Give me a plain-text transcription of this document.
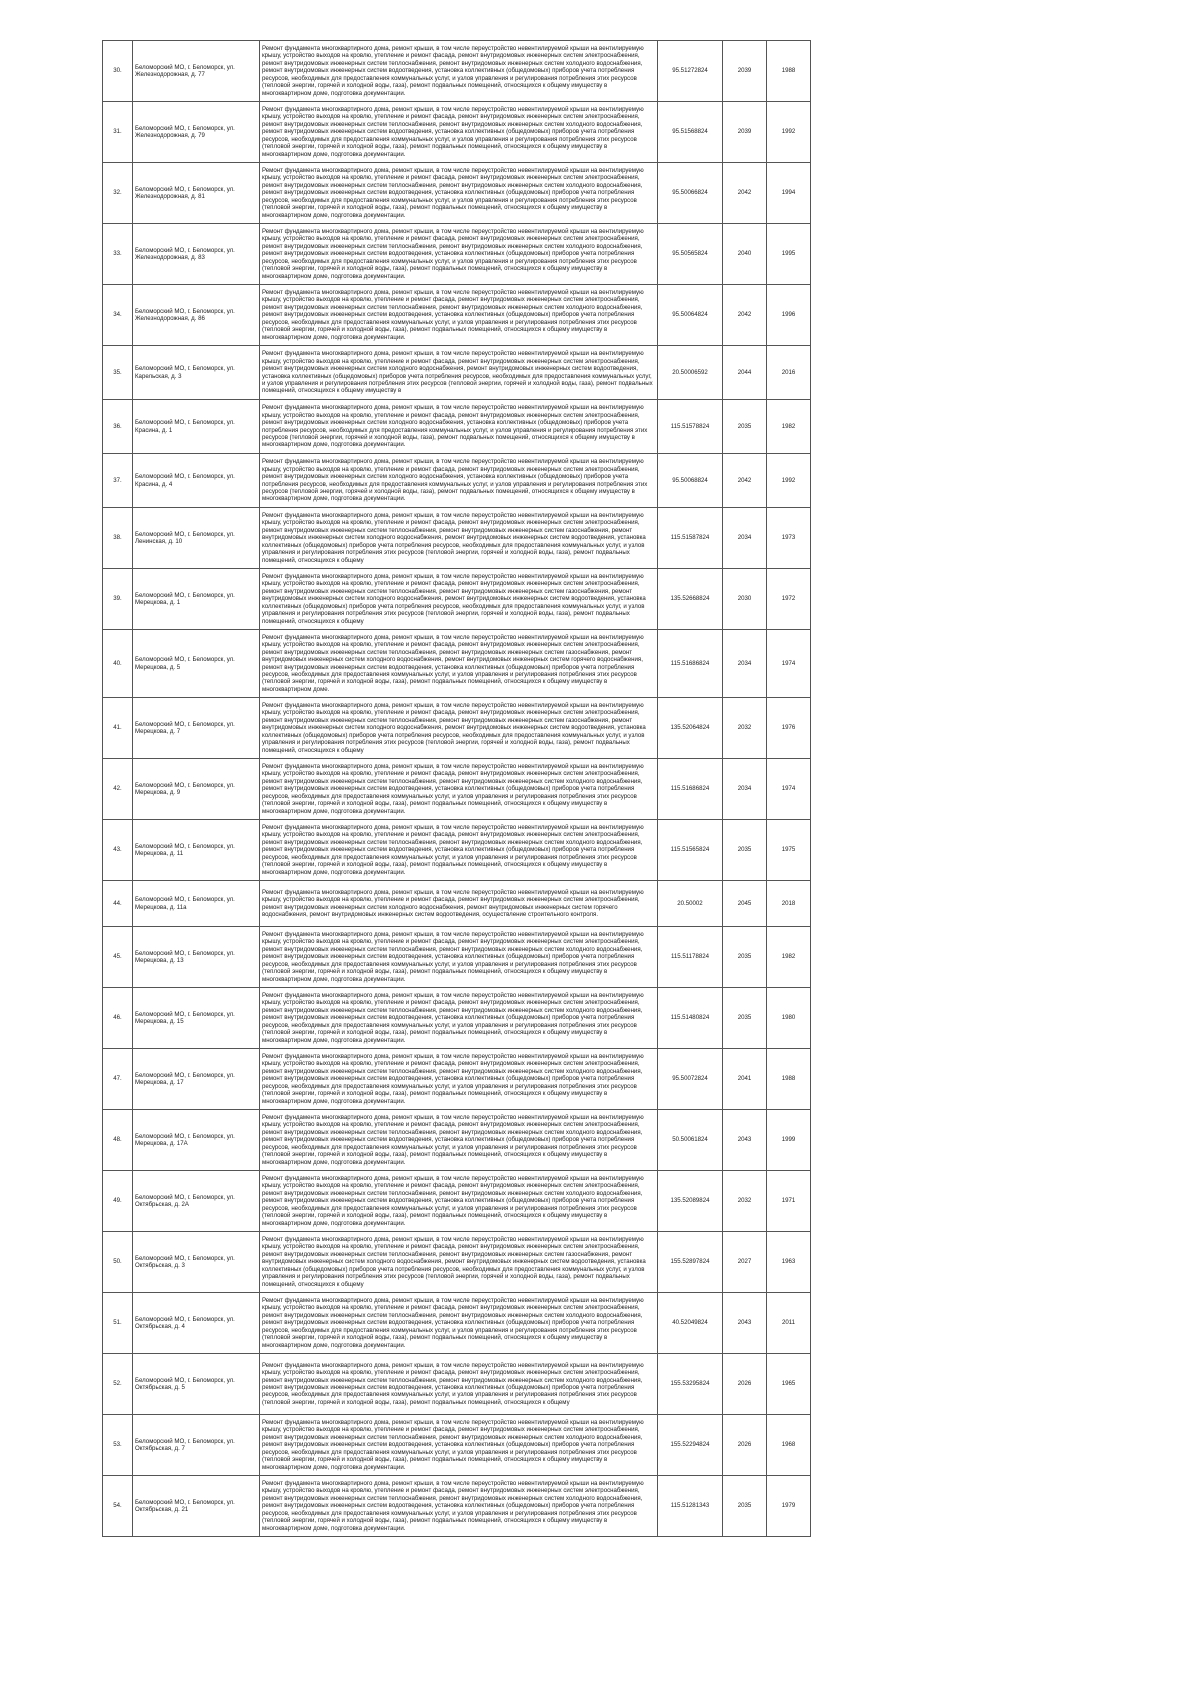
30.	Беломорский МО, г. Беломорск, ул. Железнодорожная, д. 77	Ремонт фундамента многоквартирного дома, ремонт крыши, в том числе переустройство невентилируемой крыши на вентилируемую крышу, устройство выходов на кровлю, утепление и ремонт фасада, ремонт внутридомовых инженерных систем электроснабжения, ремонт внутридомовых инженерных систем теплоснабжения, ремонт внутридомовых инженерных систем холодного водоснабжения, ремонт внутридомовых инженерных систем водоотведения, установка коллективных (общедомовых) приборов учета потребления ресурсов, необходимых для предоставления коммунальных услуг, и узлов управления и регулирования потребления этих ресурсов (тепловой энергии, горячей и холодной воды, газа), ремонт подвальных помещений, относящихся к общему имуществу в многоквартирном доме, подготовка документации.	95.51272824	2039	1988
31.	Беломорский МО, г. Беломорск, ул. Железнодорожная, д. 79	Ремонт фундамента многоквартирного дома, ремонт крыши, в том числе переустройство невентилируемой крыши на вентилируемую крышу, устройство выходов на кровлю, утепление и ремонт фасада, ремонт внутридомовых инженерных систем электроснабжения, ремонт внутридомовых инженерных систем теплоснабжения, ремонт внутридомовых инженерных систем холодного водоснабжения, ремонт внутридомовых инженерных систем водоотведения, установка коллективных (общедомовых) приборов учета потребления ресурсов, необходимых для предоставления коммунальных услуг, и узлов управления и регулирования потребления этих ресурсов (тепловой энергии, горячей и холодной воды, газа), ремонт подвальных помещений, относящихся к общему имуществу в многоквартирном доме, подготовка документации.	95.51568824	2039	1992
32.	Беломорский МО, г. Беломорск, ул. Железнодорожная, д. 81	Ремонт фундамента многоквартирного дома, ремонт крыши, в том числе переустройство невентилируемой крыши на вентилируемую крышу, устройство выходов на кровлю, утепление и ремонт фасада, ремонт внутридомовых инженерных систем электроснабжения, ремонт внутридомовых инженерных систем теплоснабжения, ремонт внутридомовых инженерных систем холодного водоснабжения, ремонт внутридомовых инженерных систем водоотведения, установка коллективных (общедомовых) приборов учета потребления ресурсов, необходимых для предоставления коммунальных услуг, и узлов управления и регулирования потребления этих ресурсов (тепловой энергии, горячей и холодной воды, газа), ремонт подвальных помещений, относящихся к общему имуществу в многоквартирном доме, подготовка документации.	95.50066824	2042	1994
33.	Беломорский МО, г. Беломорск, ул. Железнодорожная, д. 83	Ремонт фундамента многоквартирного дома, ремонт крыши, в том числе переустройство невентилируемой крыши на вентилируемую крышу, устройство выходов на кровлю, утепление и ремонт фасада, ремонт внутридомовых инженерных систем электроснабжения, ремонт внутридомовых инженерных систем теплоснабжения, ремонт внутридомовых инженерных систем холодного водоснабжения, ремонт внутридомовых инженерных систем водоотведения, установка коллективных (общедомовых) приборов учета потребления ресурсов, необходимых для предоставления коммунальных услуг, и узлов управления и регулирования потребления этих ресурсов (тепловой энергии, горячей и холодной воды, газа), ремонт подвальных помещений, относящихся к общему имуществу в многоквартирном доме, подготовка документации.	95.50565824	2040	1995
34.	Беломорский МО, г. Беломорск, ул. Железнодорожная, д. 86	Ремонт фундамента многоквартирного дома, ремонт крыши, в том числе переустройство невентилируемой крыши на вентилируемую крышу, устройство выходов на кровлю, утепление и ремонт фасада, ремонт внутридомовых инженерных систем электроснабжения, ремонт внутридомовых инженерных систем теплоснабжения, ремонт внутридомовых инженерных систем холодного водоснабжения, ремонт внутридомовых инженерных систем водоотведения, установка коллективных (общедомовых) приборов учета потребления ресурсов, необходимых для предоставления коммунальных услуг, и узлов управления и регулирования потребления этих ресурсов (тепловой энергии, горячей и холодной воды, газа), ремонт подвальных помещений, относящихся к общему имуществу в многоквартирном доме, подготовка документации.	95.50064824	2042	1996
35.	Беломорский МО, г. Беломорск, ул. Карельская, д. 3	Ремонт фундамента многоквартирного дома, ремонт крыши, в том числе переустройство невентилируемой крыши на вентилируемую крышу, устройство выходов на кровлю, утепление и ремонт фасада, ремонт внутридомовых инженерных систем электроснабжения, ремонт внутридомовых инженерных систем холодного водоснабжения, ремонт внутридомовых инженерных систем водоотведения, установка коллективных (общедомовых) приборов учета потребления ресурсов, необходимых для предоставления коммунальных услуг, и узлов управления и регулирования потребления этих ресурсов (тепловой энергии, горячей и холодной воды, газа), ремонт подвальных помещений, относящихся к общему имуществу в	20.50006592	2044	2016
36.	Беломорский МО, г. Беломорск, ул. Красина, д. 1	Ремонт фундамента многоквартирного дома, ремонт крыши, в том числе переустройство невентилируемой крыши на вентилируемую крышу, устройство выходов на кровлю, утепление и ремонт фасада, ремонт внутридомовых инженерных систем электроснабжения, ремонт внутридомовых инженерных систем холодного водоснабжения, установка коллективных (общедомовых) приборов учета потребления ресурсов, необходимых для предоставления коммунальных услуг, и узлов управления и регулирования потребления этих ресурсов (тепловой энергии, горячей и холодной воды, газа), ремонт подвальных помещений, относящихся к общему имуществу в многоквартирном доме, подготовка документации.	115.51578824	2035	1982
37.	Беломорский МО, г. Беломорск, ул. Красина, д. 4	Ремонт фундамента многоквартирного дома, ремонт крыши, в том числе переустройство невентилируемой крыши на вентилируемую крышу, устройство выходов на кровлю, утепление и ремонт фасада, ремонт внутридомовых инженерных систем электроснабжения, ремонт внутридомовых инженерных систем холодного водоснабжения, установка коллективных (общедомовых) приборов учета потребления ресурсов, необходимых для предоставления коммунальных услуг, и узлов управления и регулирования потребления этих ресурсов (тепловой энергии, горячей и холодной воды, газа), ремонт подвальных помещений, относящихся к общему имуществу в многоквартирном доме, подготовка документации.	95.50068824	2042	1992
38.	Беломорский МО, г. Беломорск, ул. Ленинская, д. 10	Ремонт фундамента многоквартирного дома, ремонт крыши, в том числе переустройство невентилируемой крыши на вентилируемую крышу, устройство выходов на кровлю, утепление и ремонт фасада, ремонт внутридомовых инженерных систем электроснабжения, ремонт внутридомовых инженерных систем теплоснабжения, ремонт внутридомовых инженерных систем газоснабжения, ремонт внутридомовых инженерных систем холодного водоснабжения, ремонт внутридомовых инженерных систем водоотведения, установка коллективных (общедомовых) приборов учета потребления ресурсов, необходимых для предоставления коммунальных услуг, и узлов управления и регулирования потребления этих ресурсов (тепловой энергии, горячей и холодной воды, газа), ремонт подвальных помещений, относящихся к общему	115.51587824	2034	1973
39.	Беломорский МО, г. Беломорск, ул. Мерецкова, д. 1	Ремонт фундамента многоквартирного дома, ремонт крыши, в том числе переустройство невентилируемой крыши на вентилируемую крышу, устройство выходов на кровлю, утепление и ремонт фасада, ремонт внутридомовых инженерных систем электроснабжения, ремонт внутридомовых инженерных систем теплоснабжения, ремонт внутридомовых инженерных систем газоснабжения, ремонт внутридомовых инженерных систем холодного водоснабжения, ремонт внутридомовых инженерных систем водоотведения, установка коллективных (общедомовых) приборов учета потребления ресурсов, необходимых для предоставления коммунальных услуг, и узлов управления и регулирования потребления этих ресурсов (тепловой энергии, горячей и холодной воды, газа), ремонт подвальных помещений, относящихся к общему	135.52668824	2030	1972
40.	Беломорский МО, г. Беломорск, ул. Мерецкова, д. 5	Ремонт фундамента многоквартирного дома, ремонт крыши, в том числе переустройство невентилируемой крыши на вентилируемую крышу, устройство выходов на кровлю, утепление и ремонт фасада, ремонт внутридомовых инженерных систем электроснабжения, ремонт внутридомовых инженерных систем теплоснабжения, ремонт внутридомовых инженерных систем газоснабжения, ремонт внутридомовых инженерных систем холодного водоснабжения, ремонт внутридомовых инженерных систем горячего водоснабжения, ремонт внутридомовых инженерных систем водоотведения, установка коллективных (общедомовых) приборов учета потребления ресурсов, необходимых для предоставления коммунальных услуг, и узлов управления и регулирования потребления этих ресурсов (тепловой энергии, горячей и холодной воды, газа), ремонт подвальных помещений, относящихся к общему имуществу в многоквартирном доме.	115.51686824	2034	1974
41.	Беломорский МО, г. Беломорск, ул. Мерецкова, д. 7	Ремонт фундамента многоквартирного дома, ремонт крыши, в том числе переустройство невентилируемой крыши на вентилируемую крышу, устройство выходов на кровлю, утепление и ремонт фасада, ремонт внутридомовых инженерных систем электроснабжения, ремонт внутридомовых инженерных систем теплоснабжения, ремонт внутридомовых инженерных систем газоснабжения, ремонт внутридомовых инженерных систем холодного водоснабжения, ремонт внутридомовых инженерных систем водоотведения, установка коллективных (общедомовых) приборов учета потребления ресурсов, необходимых для предоставления коммунальных услуг, и узлов управления и регулирования потребления этих ресурсов (тепловой энергии, горячей и холодной воды, газа), ремонт подвальных помещений, относящихся к общему	135.52064824	2032	1976
42.	Беломорский МО, г. Беломорск, ул. Мерецкова, д. 9	Ремонт фундамента многоквартирного дома, ремонт крыши, в том числе переустройство невентилируемой крыши на вентилируемую крышу, устройство выходов на кровлю, утепление и ремонт фасада, ремонт внутридомовых инженерных систем электроснабжения, ремонт внутридомовых инженерных систем теплоснабжения, ремонт внутридомовых инженерных систем холодного водоснабжения, ремонт внутридомовых инженерных систем водоотведения, установка коллективных (общедомовых) приборов учета потребления ресурсов, необходимых для предоставления коммунальных услуг, и узлов управления и регулирования потребления этих ресурсов (тепловой энергии, горячей и холодной воды, газа), ремонт подвальных помещений, относящихся к общему имуществу в многоквартирном доме, подготовка документации.	115.51686824	2034	1974
43.	Беломорский МО, г. Беломорск, ул. Мерецкова, д. 11	Ремонт фундамента многоквартирного дома, ремонт крыши, в том числе переустройство невентилируемой крыши на вентилируемую крышу, устройство выходов на кровлю, утепление и ремонт фасада, ремонт внутридомовых инженерных систем электроснабжения, ремонт внутридомовых инженерных систем теплоснабжения, ремонт внутридомовых инженерных систем холодного водоснабжения, ремонт внутридомовых инженерных систем водоотведения, установка коллективных (общедомовых) приборов учета потребления ресурсов, необходимых для предоставления коммунальных услуг, и узлов управления и регулирования потребления этих ресурсов (тепловой энергии, горячей и холодной воды, газа), ремонт подвальных помещений, относящихся к общему имуществу в многоквартирном доме, подготовка документации.	115.51565824	2035	1975
44.	Беломорский МО, г. Беломорск, ул. Мерецкова, д. 11а	Ремонт фундамента многоквартирного дома, ремонт крыши, в том числе переустройство невентилируемой крыши на вентилируемую крышу, устройство выходов на кровлю, утепление и ремонт фасада, ремонт внутридомовых инженерных систем электроснабжения, ремонт внутридомовых инженерных систем холодного водоснабжения, ремонт внутридомовых инженерных систем горячего водоснабжения, ремонт внутридомовых инженерных систем водоотведения, осуществление строительного контроля.	20.50002	2045	2018
45.	Беломорский МО, г. Беломорск, ул. Мерецкова, д. 13	Ремонт фундамента многоквартирного дома, ремонт крыши, в том числе переустройство невентилируемой крыши на вентилируемую крышу, устройство выходов на кровлю, утепление и ремонт фасада, ремонт внутридомовых инженерных систем электроснабжения, ремонт внутридомовых инженерных систем теплоснабжения, ремонт внутридомовых инженерных систем холодного водоснабжения, ремонт внутридомовых инженерных систем водоотведения, установка коллективных (общедомовых) приборов учета потребления ресурсов, необходимых для предоставления коммунальных услуг, и узлов управления и регулирования потребления этих ресурсов (тепловой энергии, горячей и холодной воды, газа), ремонт подвальных помещений, относящихся к общему имуществу в многоквартирном доме, подготовка документации.	115.51178824	2035	1982
46.	Беломорский МО, г. Беломорск, ул. Мерецкова, д. 15	Ремонт фундамента многоквартирного дома, ремонт крыши, в том числе переустройство невентилируемой крыши на вентилируемую крышу, устройство выходов на кровлю, утепление и ремонт фасада, ремонт внутридомовых инженерных систем электроснабжения, ремонт внутридомовых инженерных систем теплоснабжения, ремонт внутридомовых инженерных систем холодного водоснабжения, ремонт внутридомовых инженерных систем водоотведения, установка коллективных (общедомовых) приборов учета потребления ресурсов, необходимых для предоставления коммунальных услуг, и узлов управления и регулирования потребления этих ресурсов (тепловой энергии, горячей и холодной воды, газа), ремонт подвальных помещений, относящихся к общему имуществу в многоквартирном доме, подготовка документации.	115.51480824	2035	1980
47.	Беломорский МО, г. Беломорск, ул. Мерецкова, д. 17	Ремонт фундамента многоквартирного дома, ремонт крыши, в том числе переустройство невентилируемой крыши на вентилируемую крышу, устройство выходов на кровлю, утепление и ремонт фасада, ремонт внутридомовых инженерных систем электроснабжения, ремонт внутридомовых инженерных систем теплоснабжения, ремонт внутридомовых инженерных систем холодного водоснабжения, ремонт внутридомовых инженерных систем водоотведения, установка коллективных (общедомовых) приборов учета потребления ресурсов, необходимых для предоставления коммунальных услуг, и узлов управления и регулирования потребления этих ресурсов (тепловой энергии, горячей и холодной воды, газа), ремонт подвальных помещений, относящихся к общему имуществу в многоквартирном доме, подготовка документации.	95.50072824	2041	1988
48.	Беломорский МО, г. Беломорск, ул. Мерецкова, д. 17А	Ремонт фундамента многоквартирного дома, ремонт крыши, в том числе переустройство невентилируемой крыши на вентилируемую крышу, устройство выходов на кровлю, утепление и ремонт фасада, ремонт внутридомовых инженерных систем электроснабжения, ремонт внутридомовых инженерных систем теплоснабжения, ремонт внутридомовых инженерных систем холодного водоснабжения, ремонт внутридомовых инженерных систем водоотведения, установка коллективных (общедомовых) приборов учета потребления ресурсов, необходимых для предоставления коммунальных услуг, и узлов управления и регулирования потребления этих ресурсов (тепловой энергии, горячей и холодной воды, газа), ремонт подвальных помещений, относящихся к общему имуществу в многоквартирном доме, подготовка документации.	50.50061824	2043	1999
49.	Беломорский МО, г. Беломорск, ул. Октябрьская, д. 2А	Ремонт фундамента многоквартирного дома, ремонт крыши, в том числе переустройство невентилируемой крыши на вентилируемую крышу, устройство выходов на кровлю, утепление и ремонт фасада, ремонт внутридомовых инженерных систем электроснабжения, ремонт внутридомовых инженерных систем теплоснабжения, ремонт внутридомовых инженерных систем холодного водоснабжения, ремонт внутридомовых инженерных систем водоотведения, установка коллективных (общедомовых) приборов учета потребления ресурсов, необходимых для предоставления коммунальных услуг, и узлов управления и регулирования потребления этих ресурсов (тепловой энергии, горячей и холодной воды, газа), ремонт подвальных помещений, относящихся к общему имуществу в многоквартирном доме, подготовка документации.	135.52089824	2032	1971
50.	Беломорский МО, г. Беломорск, ул. Октябрьская, д. 3	Ремонт фундамента многоквартирного дома, ремонт крыши, в том числе переустройство невентилируемой крыши на вентилируемую крышу, устройство выходов на кровлю, утепление и ремонт фасада, ремонт внутридомовых инженерных систем электроснабжения, ремонт внутридомовых инженерных систем теплоснабжения, ремонт внутридомовых инженерных систем газоснабжения, ремонт внутридомовых инженерных систем холодного водоснабжения, ремонт внутридомовых инженерных систем водоотведения, установка коллективных (общедомовых) приборов учета потребления ресурсов, необходимых для предоставления коммунальных услуг, и узлов управления и регулирования потребления этих ресурсов (тепловой энергии, горячей и холодной воды, газа), ремонт подвальных помещений, относящихся к общему	155.52897824	2027	1963
51.	Беломорский МО, г. Беломорск, ул. Октябрьская, д. 4	Ремонт фундамента многоквартирного дома, ремонт крыши, в том числе переустройство невентилируемой крыши на вентилируемую крышу, устройство выходов на кровлю, утепление и ремонт фасада, ремонт внутридомовых инженерных систем электроснабжения, ремонт внутридомовых инженерных систем теплоснабжения, ремонт внутридомовых инженерных систем холодного водоснабжения, ремонт внутридомовых инженерных систем водоотведения, установка коллективных (общедомовых) приборов учета потребления ресурсов, необходимых для предоставления коммунальных услуг, и узлов управления и регулирования потребления этих ресурсов (тепловой энергии, горячей и холодной воды, газа), ремонт подвальных помещений, относящихся к общему имуществу в многоквартирном доме, подготовка документации.	40.52049824	2043	2011
52.	Беломорский МО, г. Беломорск, ул. Октябрьская, д. 5	Ремонт фундамента многоквартирного дома, ремонт крыши, в том числе переустройство невентилируемой крыши на вентилируемую крышу, устройство выходов на кровлю, утепление и ремонт фасада, ремонт внутридомовых инженерных систем электроснабжения, ремонт внутридомовых инженерных систем теплоснабжения, ремонт внутридомовых инженерных систем холодного водоснабжения, ремонт внутридомовых инженерных систем водоотведения, установка коллективных (общедомовых) приборов учета потребления ресурсов, необходимых для предоставления коммунальных услуг, и узлов управления и регулирования потребления этих ресурсов (тепловой энергии, горячей и холодной воды, газа), ремонт подвальных помещений, относящихся к общему	155.53295824	2026	1965
53.	Беломорский МО, г. Беломорск, ул. Октябрьская, д. 7	Ремонт фундамента многоквартирного дома, ремонт крыши, в том числе переустройство невентилируемой крыши на вентилируемую крышу, устройство выходов на кровлю, утепление и ремонт фасада, ремонт внутридомовых инженерных систем электроснабжения, ремонт внутридомовых инженерных систем теплоснабжения, ремонт внутридомовых инженерных систем холодного водоснабжения, ремонт внутридомовых инженерных систем водоотведения, установка коллективных (общедомовых) приборов учета потребления ресурсов, необходимых для предоставления коммунальных услуг, и узлов управления и регулирования потребления этих ресурсов (тепловой энергии, горячей и холодной воды, газа), ремонт подвальных помещений, относящихся к общему имуществу в многоквартирном доме, подготовка документации.	155.52294824	2026	1968
54.	Беломорский МО, г. Беломорск, ул. Октябрьская, д. 21	Ремонт фундамента многоквартирного дома, ремонт крыши, в том числе переустройство невентилируемой крыши на вентилируемую крышу, устройство выходов на кровлю, утепление и ремонт фасада, ремонт внутридомовых инженерных систем электроснабжения, ремонт внутридомовых инженерных систем теплоснабжения, ремонт внутридомовых инженерных систем холодного водоснабжения, ремонт внутридомовых инженерных систем водоотведения, установка коллективных (общедомовых) приборов учета потребления ресурсов, необходимых для предоставления коммунальных услуг, и узлов управления и регулирования потребления этих ресурсов (тепловой энергии, горячей и холодной воды, газа), ремонт подвальных помещений, относящихся к общему имуществу в многоквартирном доме, подготовка документации.	115.51281343	2035	1979
